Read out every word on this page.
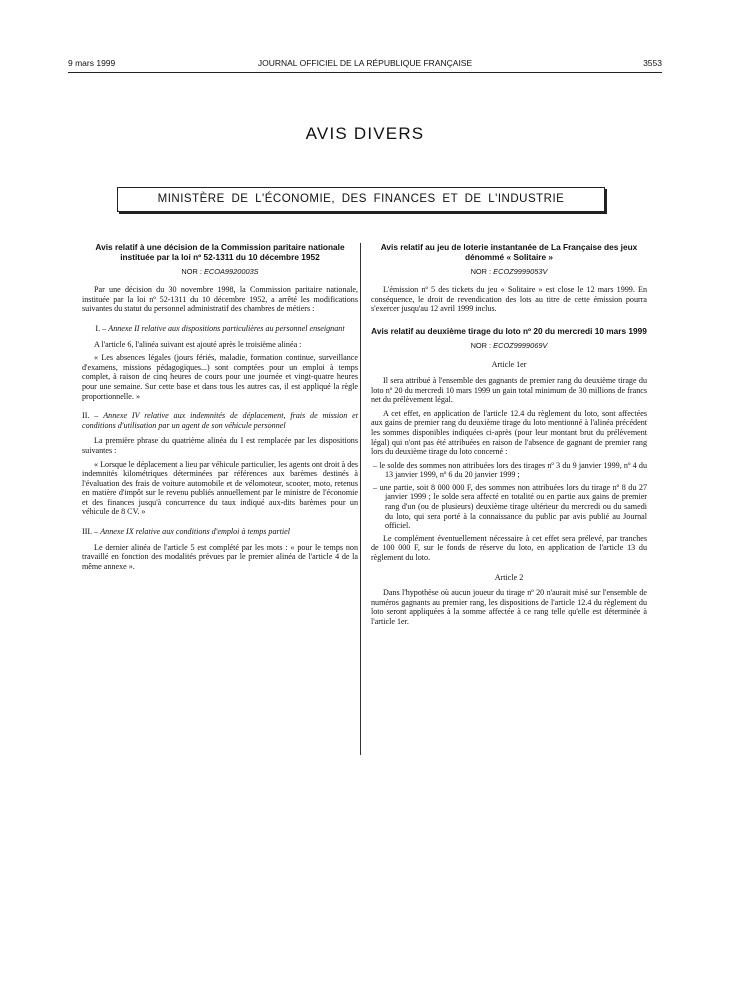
9 mars 1999	JOURNAL OFFICIEL DE LA RÉPUBLIQUE FRANÇAISE	3553
AVIS DIVERS
MINISTÈRE DE L'ÉCONOMIE, DES FINANCES ET DE L'INDUSTRIE
Avis relatif à une décision de la Commission paritaire nationale instituée par la loi nº 52-1311 du 10 décembre 1952
NOR : ECOA9920003S

Par une décision du 30 novembre 1998, la Commission paritaire nationale, instituée par la loi nº 52-1311 du 10 décembre 1952, a arrêté les modifications suivantes du statut du personnel administratif des chambres de métiers :

I. – Annexe II relative aux dispositions particulières au personnel enseignant

A l'article 6, l'alinéa suivant est ajouté après le troisième alinéa :

« Les absences légales (jours fériés, maladie, formation continue, surveillance d'examens, missions pédagogiques...) sont comptées pour un emploi à temps complet, à raison de cinq heures de cours pour une journée et vingt-quatre heures pour une semaine. Sur cette base et dans tous les autres cas, il est appliqué la règle proportionnelle. »

II. – Annexe IV relative aux indemnités de déplacement, frais de mission et conditions d'utilisation par un agent de son véhicule personnel

La première phrase du quatrième alinéa du I est remplacée par les dispositions suivantes :

« Lorsque le déplacement a lieu par véhicule particulier, les agents ont droit à des indemnités kilométriques déterminées par références aux barèmes destinés à l'évaluation des frais de voiture automobile et de vélomoteur, scooter, moto, retenus en matière d'impôt sur le revenu publiés annuellement par le ministre de l'économie et des finances jusqu'à concurrence du taux indiqué aux-dits barèmes pour un véhicule de 8 CV. »

III. – Annexe IX relative aux conditions d'emploi à temps partiel

Le dernier alinéa de l'article 5 est complété par les mots : « pour le temps non travaillé en fonction des modalités prévues par le premier alinéa de l'article 4 de la même annexe ».

Avis relatif au jeu de loterie instantanée de La Française des jeux dénommé « Solitaire »
NOR : ECOZ9999053V

L'émission nº 5 des tickets du jeu « Solitaire » est close le 12 mars 1999. En conséquence, le droit de revendication des lots au titre de cette émission pourra s'exercer jusqu'au 12 avril 1999 inclus.

Avis relatif au deuxième tirage du loto nº 20 du mercredi 10 mars 1999
NOR : ECOZ9999069V
Article 1er

Il sera attribué à l'ensemble des gagnants de premier rang du deuxième tirage du loto nº 20 du mercredi 10 mars 1999 un gain total minimum de 30 millions de francs net du prélèvement légal.

A cet effet, en application de l'article 12.4 du règlement du loto, sont affectées aux gains de premier rang du deuxième tirage du loto mentionné à l'alinéa précédent les sommes disponibles indiquées ci-après (pour leur montant brut du prélèvement légal) qui n'ont pas été attribuées en raison de l'absence de gagnant de premier rang lors du deuxième tirage du loto concerné :

– le solde des sommes non attribuées lors des tirages nº 3 du 9 janvier 1999, nº 4 du 13 janvier 1999, nº 6 du 20 janvier 1999 ;

– une partie, soit 8 000 000 F, des sommes non attribuées lors du tirage nº 8 du 27 janvier 1999 ; le solde sera affecté en totalité ou en partie aux gains de premier rang d'un (ou de plusieurs) deuxième tirage ultérieur du mercredi ou du samedi du loto, qui sera porté à la connaissance du public par avis publié au Journal officiel.

Le complément éventuellement nécessaire à cet effet sera prélevé, par tranches de 100 000 F, sur le fonds de réserve du loto, en application de l'article 13 du règlement du loto.

Article 2

Dans l'hypothèse où aucun joueur du tirage nº 20 n'aurait misé sur l'ensemble de numéros gagnants au premier rang, les dispositions de l'article 12.4 du règlement du loto seront appliquées à la somme affectée à ce rang telle qu'elle est déterminée à l'article 1er.
